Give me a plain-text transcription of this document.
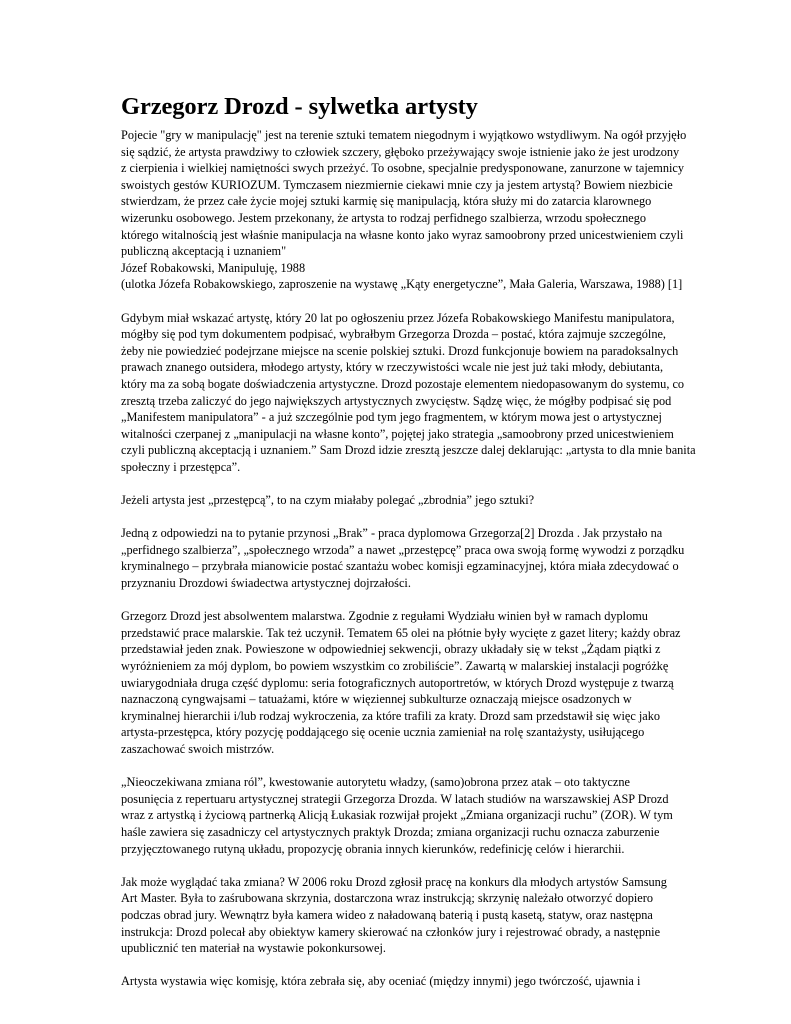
Grzegorz Drozd - sylwetka artysty

Pojecie "gry w manipulację" jest na terenie sztuki tematem niegodnym i wyjątkowo wstydliwym. Na ogół przyjęło
się sądzić, że artysta prawdziwy to człowiek szczery, głęboko przeżywający swoje istnienie jako że jest urodzony
z cierpienia i wielkiej namiętności swych przeżyć. To osobne, specjalnie predysponowane, zanurzone w tajemnicy
swoistych gestów KURIOZUM. Tymczasem niezmiernie ciekawi mnie czy ja jestem artystą? Bowiem niezbicie
stwierdzam, że przez całe życie mojej sztuki karmię się manipulacją, która służy mi do zatarcia klarownego
wizerunku osobowego. Jestem przekonany, że artysta to rodzaj perfidnego szalbierza, wrzodu społecznego
którego witalnością jest właśnie manipulacja na własne konto jako wyraz samoobrony przed unicestwieniem czyli
publiczną akceptacją i uznaniem"
Józef Robakowski, Manipuluję, 1988
(ulotka Józefa Robakowskiego, zaproszenie na wystawę „Kąty energetyczne”, Mała Galeria, Warszawa, 1988) [1]

Gdybym miał wskazać artystę, który 20 lat po ogłoszeniu przez Józefa Robakowskiego Manifestu manipulatora,
mógłby się pod tym dokumentem podpisać, wybrałbym Grzegorza Drozda – postać, która zajmuje szczególne,
żeby nie powiedzieć podejrzane miejsce na scenie polskiej sztuki. Drozd funkcjonuje bowiem na paradoksalnych
prawach znanego outsidera, młodego artysty, który w rzeczywistości wcale nie jest już taki młody, debiutanta,
który ma za sobą bogate doświadczenia artystyczne. Drozd pozostaje elementem niedopasowanym do systemu, co
zresztą trzeba zaliczyć do jego największych artystycznych zwycięstw. Sądzę więc, że mógłby podpisać się pod
„Manifestem manipulatora” - a już szczególnie pod tym jego fragmentem, w którym mowa jest o artystycznej
witalności czerpanej z „manipulacji na własne konto”, pojętej jako strategia „samoobrony przed unicestwieniem
czyli publiczną akceptacją i uznaniem.” Sam Drozd idzie zresztą jeszcze dalej deklarując: „artysta to dla mnie banita
społeczny i przestępca”.

Jeżeli artysta jest „przestępcą”, to na czym miałaby polegać „zbrodnia” jego sztuki?

Jedną z odpowiedzi na to pytanie przynosi „Brak” - praca dyplomowa Grzegorza[2] Drozda . Jak przystało na
„perfidnego szalbierza”, „społecznego wrzoda” a nawet „przestępcę” praca owa swoją formę wywodzi z porządku
kryminalnego – przybrała mianowicie postać szantażu wobec komisji egzaminacyjnej, która miała zdecydować o
przyznaniu Drozdowi świadectwa artystycznej dojrzałości.

Grzegorz Drozd jest absolwentem malarstwa. Zgodnie z regułami Wydziału winien był w ramach dyplomu
przedstawić prace malarskie. Tak też uczynił. Tematem 65 olei na płótnie były wycięte z gazet litery; każdy obraz
przedstawiał jeden znak. Powieszone w odpowiedniej sekwencji, obrazy układały się w tekst „Żądam piątki z
wyróżnieniem za mój dyplom, bo powiem wszystkim co zrobiliście”. Zawartą w malarskiej instalacji pogróżkę
uwiarygodniała druga część dyplomu: seria fotograficznych autoportretów, w których Drozd występuje z twarzą
naznaczoną cyngwajsami – tatuażami, które w więziennej subkulturze oznaczają miejsce osadzonych w
kryminalnej hierarchii i/lub rodzaj wykroczenia, za które trafili za kraty. Drozd sam przedstawił się więc jako
artysta-przestępca, który pozycję poddającego się ocenie ucznia zamieniał na rolę szantażysty, usiłującego
zaszachować swoich mistrzów.

„Nieoczekiwana zmiana ról”, kwestowanie autorytetu władzy, (samo)obrona przez atak – oto taktyczne
posunięcia z repertuaru artystycznej strategii Grzegorza Drozda. W latach studiów na warszawskiej ASP Drozd
wraz z artystką i życiową partnerką Alicją Łukasiak rozwijał projekt „Zmiana organizacji ruchu” (ZOR). W tym
haśle zawiera się zasadniczy cel artystycznych praktyk Drozda; zmiana organizacji ruchu oznacza zaburzenie
przyjęcztowanego rutyną układu, propozycję obrania innych kierunków, redefinicję celów i hierarchii.

Jak może wyglądać taka zmiana? W 2006 roku Drozd zgłosił pracę na konkurs dla młodych artystów Samsung
Art Master. Była to zaśrubowana skrzynia, dostarczona wraz instrukcją; skrzynię należało otworzyć dopiero
podczas obrad jury. Wewnątrz była kamera wideo z naładowaną baterią i pustą kasetą, statyw, oraz następna
instrukcja: Drozd polecał aby obiektyw kamery skierować na członków jury i rejestrować obrady, a następnie
upublicznić ten materiał na wystawie pokonkursowej.

Artysta wystawia więc komisję, która zebrała się, aby oceniać (między innymi) jego twórczość, ujawnia i
